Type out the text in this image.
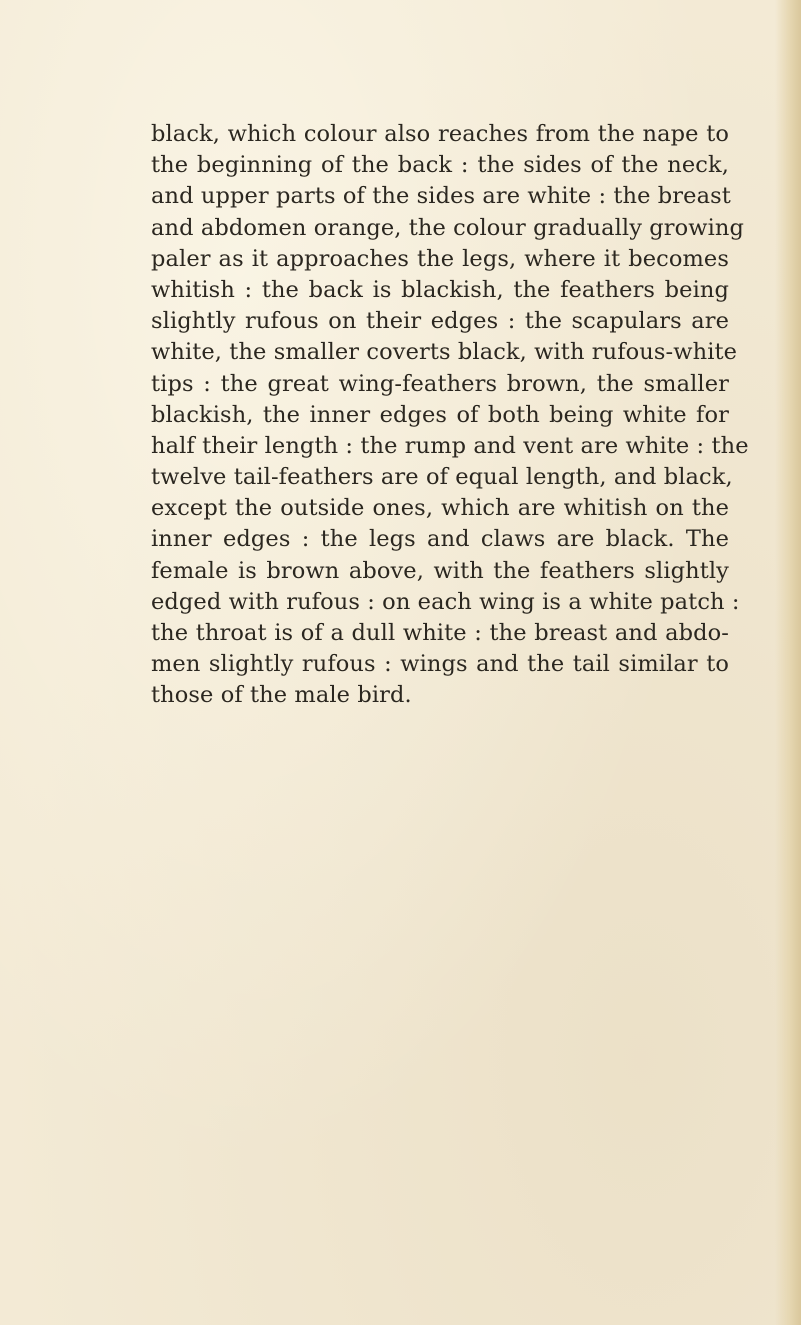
black, which colour also reaches from the nape to
the beginning of the back : the sides of the neck,
and upper parts of the sides are white : the breast
and abdomen orange, the colour gradually growing
paler as it approaches the legs, where it becomes
whitish : the back is blackish, the feathers being
slightly rufous on their edges : the scapulars are
white, the smaller coverts black, with rufous-white
tips : the great wing-feathers brown, the smaller
blackish, the inner edges of both being white for
half their length : the rump and vent are white : the
twelve tail-feathers are of equal length, and black,
except the outside ones, which are whitish on the
inner edges : the legs and claws are black. The
female is brown above, with the feathers slightly
edged with rufous : on each wing is a white patch :
the throat is of a dull white : the breast and abdo-
men slightly rufous : wings and the tail similar to
those of the male bird.
